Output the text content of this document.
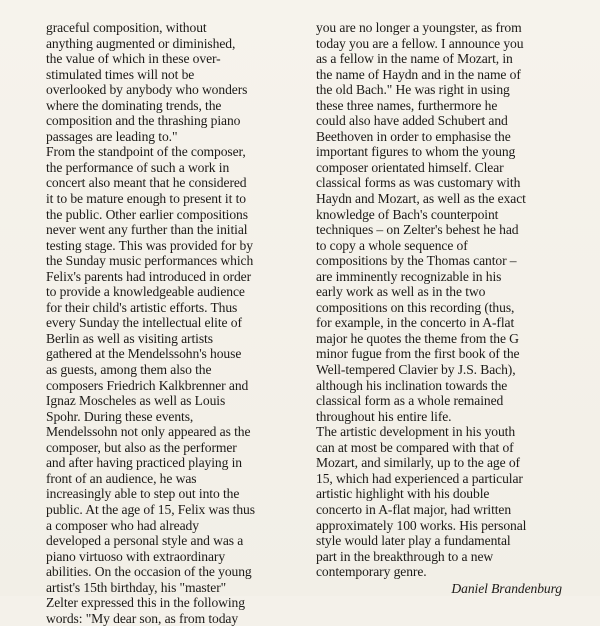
graceful composition, without
anything augmented or diminished,
the value of which in these over-
stimulated times will not be
overlooked by anybody who wonders
where the dominating trends, the
composition and the thrashing piano
passages are leading to."
From the standpoint of the composer,
the performance of such a work in
concert also meant that he considered
it to be mature enough to present it to
the public. Other earlier compositions
never went any further than the initial
testing stage. This was provided for by
the Sunday music performances which
Felix's parents had introduced in order
to provide a knowledgeable audience
for their child's artistic efforts. Thus
every Sunday the intellectual elite of
Berlin as well as visiting artists
gathered at the Mendelssohn's house
as guests, among them also the
composers Friedrich Kalkbrenner and
Ignaz Moscheles as well as Louis
Spohr. During these events,
Mendelssohn not only appeared as the
composer, but also as the performer
and after having practiced playing in
front of an audience, he was
increasingly able to step out into the
public. At the age of 15, Felix was thus
a composer who had already
developed a personal style and was a
piano virtuoso with extraordinary
abilities. On the occasion of the young
artist's 15th birthday, his "master"
Zelter expressed this in the following
words: "My dear son, as from today
you are no longer a youngster, as from
today you are a fellow. I announce you
as a fellow in the name of Mozart, in
the name of Haydn and in the name of
the old Bach." He was right in using
these three names, furthermore he
could also have added Schubert and
Beethoven in order to emphasise the
important figures to whom the young
composer orientated himself. Clear
classical forms as was customary with
Haydn and Mozart, as well as the exact
knowledge of Bach's counterpoint
techniques – on Zelter's behest he had
to copy a whole sequence of
compositions by the Thomas cantor –
are imminently recognizable in his
early work as well as in the two
compositions on this recording (thus,
for example, in the concerto in A-flat
major he quotes the theme from the G
minor fugue from the first book of the
Well-tempered Clavier by J.S. Bach),
although his inclination towards the
classical form as a whole remained
throughout his entire life.
The artistic development in his youth
can at most be compared with that of
Mozart, and similarly, up to the age of
15, which had experienced a particular
artistic highlight with his double
concerto in A-flat major, had written
approximately 100 works. His personal
style would later play a fundamental
part in the breakthrough to a new
contemporary genre.
Daniel Brandenburg
